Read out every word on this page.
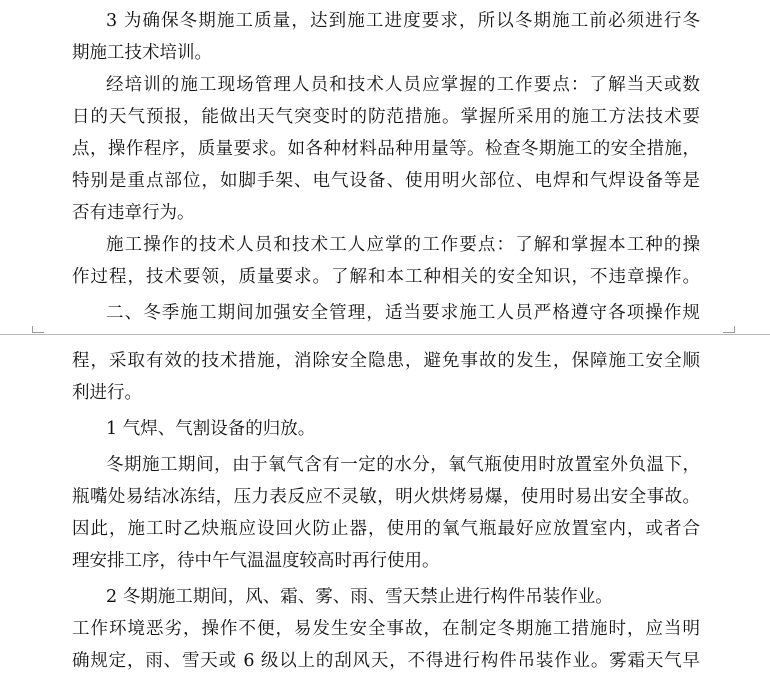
3 为确保冬期施工质量，达到施工进度要求，所以冬期施工前必须进行冬
期施工技术培训。
经培训的施工现场管理人员和技术人员应掌握的工作要点：了解当天或数
日的天气预报，能做出天气突变时的防范措施。掌握所采用的施工方法技术要
点，操作程序，质量要求。如各种材料品种用量等。检查冬期施工的安全措施，
特别是重点部位，如脚手架、电气设备、使用明火部位、电焊和气焊设备等是
否有违章行为。
施工操作的技术人员和技术工人应掌的工作要点：了解和掌握本工种的操
作过程，技术要领，质量要求。了解和本工种相关的安全知识，不违章操作。
二、冬季施工期间加强安全管理，适当要求施工人员严格遵守各项操作规
程，采取有效的技术措施，消除安全隐患，避免事故的发生，保障施工安全顺
利进行。
1 气焊、气割设备的归放。
冬期施工期间，由于氧气含有一定的水分，氧气瓶使用时放置室外负温下，
瓶嘴处易结冰冻结，压力表反应不灵敏，明火烘烤易爆，使用时易出安全事故。
因此，施工时乙炔瓶应设回火防止器，使用的氧气瓶最好应放置室内，或者合
理安排工序，待中午气温温度较高时再行使用。
2 冬期施工期间，风、霜、雾、雨、雪天禁止进行构件吊装作业。
工作环境恶劣，操作不便，易发生安全事故，在制定冬期施工措施时，应当明
确规定，雨、雪天或 6 级以上的刮风天，不得进行构件吊装作业。雾霜天气早
